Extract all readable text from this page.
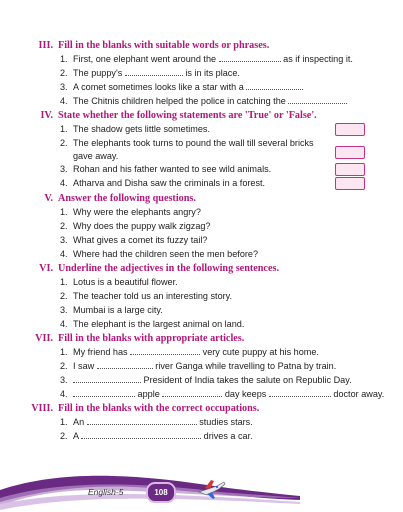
III. Fill in the blanks with suitable words or phrases.
1. First, one elephant went around the	as if inspecting it.
2. The puppy's	is in its place.
3. A comet sometimes looks like a star with a	.
4. The Chitnis children helped the police in catching the	.
IV. State whether the following statements are 'True' or 'False'.
1. The shadow gets little sometimes.
2. The elephants took turns to pound the wall till several bricks
gave away.
3. Rohan and his father wanted to see wild animals.
4. Atharva and Disha saw the criminals in a forest.
V. Answer the following questions.
1. Why were the elephants angry?
2. Why does the puppy walk zigzag?
3. What gives a comet its fuzzy tail?
4. Where had the children seen the men before?
VI. Underline the adjectives in the following sentences.
1. Lotus is a beautiful flower.
2. The teacher told us an interesting story.
3. Mumbai is a large city.
4. The elephant is the largest animal on land.
VII. Fill in the blanks with appropriate articles.
1. My friend has	very cute puppy at his home.
2. I saw	river Ganga while travelling to Patna by train.
3.	President of India takes the salute on Republic Day.
4.	apple	day keeps	doctor away.
VIII. Fill in the blanks with the correct occupations.
1. An	studies stars.
2. A	drives a car.
English-5	108
